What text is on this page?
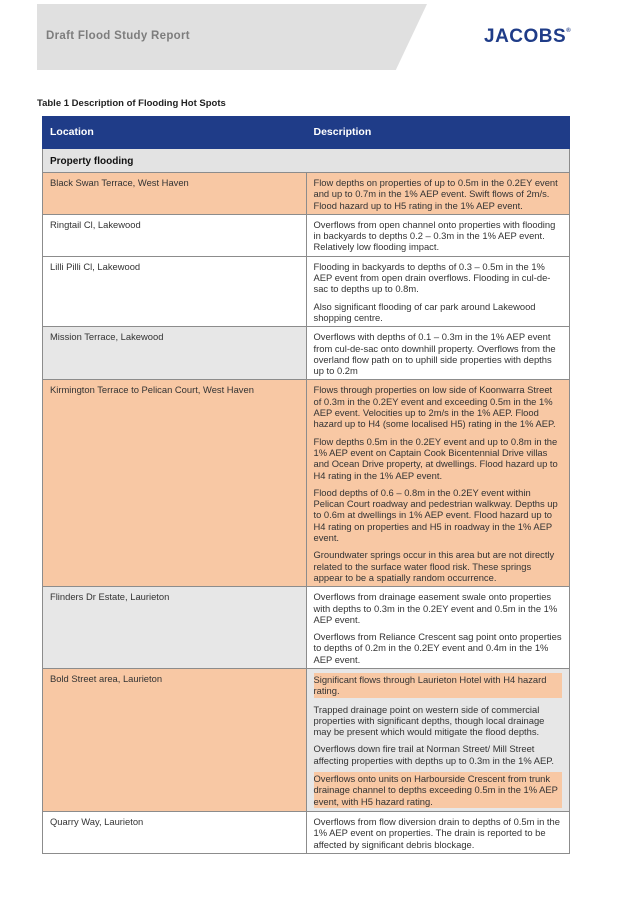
Draft Flood Study Report	JACOBS®
Table 1 Description of Flooding Hot Spots
Location	Description
Property flooding	
Black Swan Terrace, West Haven	Flow depths on properties of up to 0.5m in the 0.2EY event and up to 0.7m in the 1% AEP event. Swift flows of 2m/s. Flood hazard up to H5 rating in the 1% AEP event.

Ringtail Cl, Lakewood	Overflows from open channel onto properties with flooding in backyards to depths 0.2 – 0.3m in the 1% AEP event. Relatively low flooding impact.

Lilli Pilli Cl, Lakewood	Flooding in backyards to depths of 0.3 – 0.5m in the 1% AEP event from open drain overflows. Flooding in cul-de-sac to depths up to 0.8m.

Also significant flooding of car park around Lakewood shopping centre.

Mission Terrace, Lakewood	Overflows with depths of 0.1 – 0.3m in the 1% AEP event from cul-de-sac onto downhill property. Overflows from the overland flow path on to uphill side properties with depths up to 0.2m

Kirmington Terrace to Pelican Court, West Haven	Flows through properties on low side of Koonwarra Street of 0.3m in the 0.2EY event and exceeding 0.5m in the 1% AEP event. Velocities up to 2m/s in the 1% AEP. Flood hazard up to H4 (some localised H5) rating in the 1% AEP.

Flow depths 0.5m in the 0.2EY event and up to 0.8m in the 1% AEP event on Captain Cook Bicentennial Drive villas and Ocean Drive property, at dwellings. Flood hazard up to H4 rating in the 1% AEP event.

Flood depths of 0.6 – 0.8m in the 0.2EY event within Pelican Court roadway and pedestrian walkway. Depths up to 0.6m at dwellings in 1% AEP event. Flood hazard up to H4 rating on properties and H5 in roadway in the 1% AEP event.

Groundwater springs occur in this area but are not directly related to the surface water flood risk. These springs appear to be a spatially random occurrence.

Flinders Dr Estate, Laurieton	Overflows from drainage easement swale onto properties with depths to 0.3m in the 0.2EY event and 0.5m in the 1% AEP event.

Overflows from Reliance Crescent sag point onto properties to depths of 0.2m in the 0.2EY event and 0.4m in the 1% AEP event.

Bold Street area, Laurieton	Significant flows through Laurieton Hotel with H4 hazard rating.

Trapped drainage point on western side of commercial properties with significant depths, though local drainage may be present which would mitigate the flood depths.

Overflows down fire trail at Norman Street/ Mill Street affecting properties with depths up to 0.3m in the 1% AEP.

Overflows onto units on Harbourside Crescent from trunk drainage channel to depths exceeding 0.5m in the 1% AEP event, with H5 hazard rating.

Quarry Way, Laurieton	Overflows from flow diversion drain to depths of 0.5m in the 1% AEP event on properties. The drain is reported to be affected by significant debris blockage.
